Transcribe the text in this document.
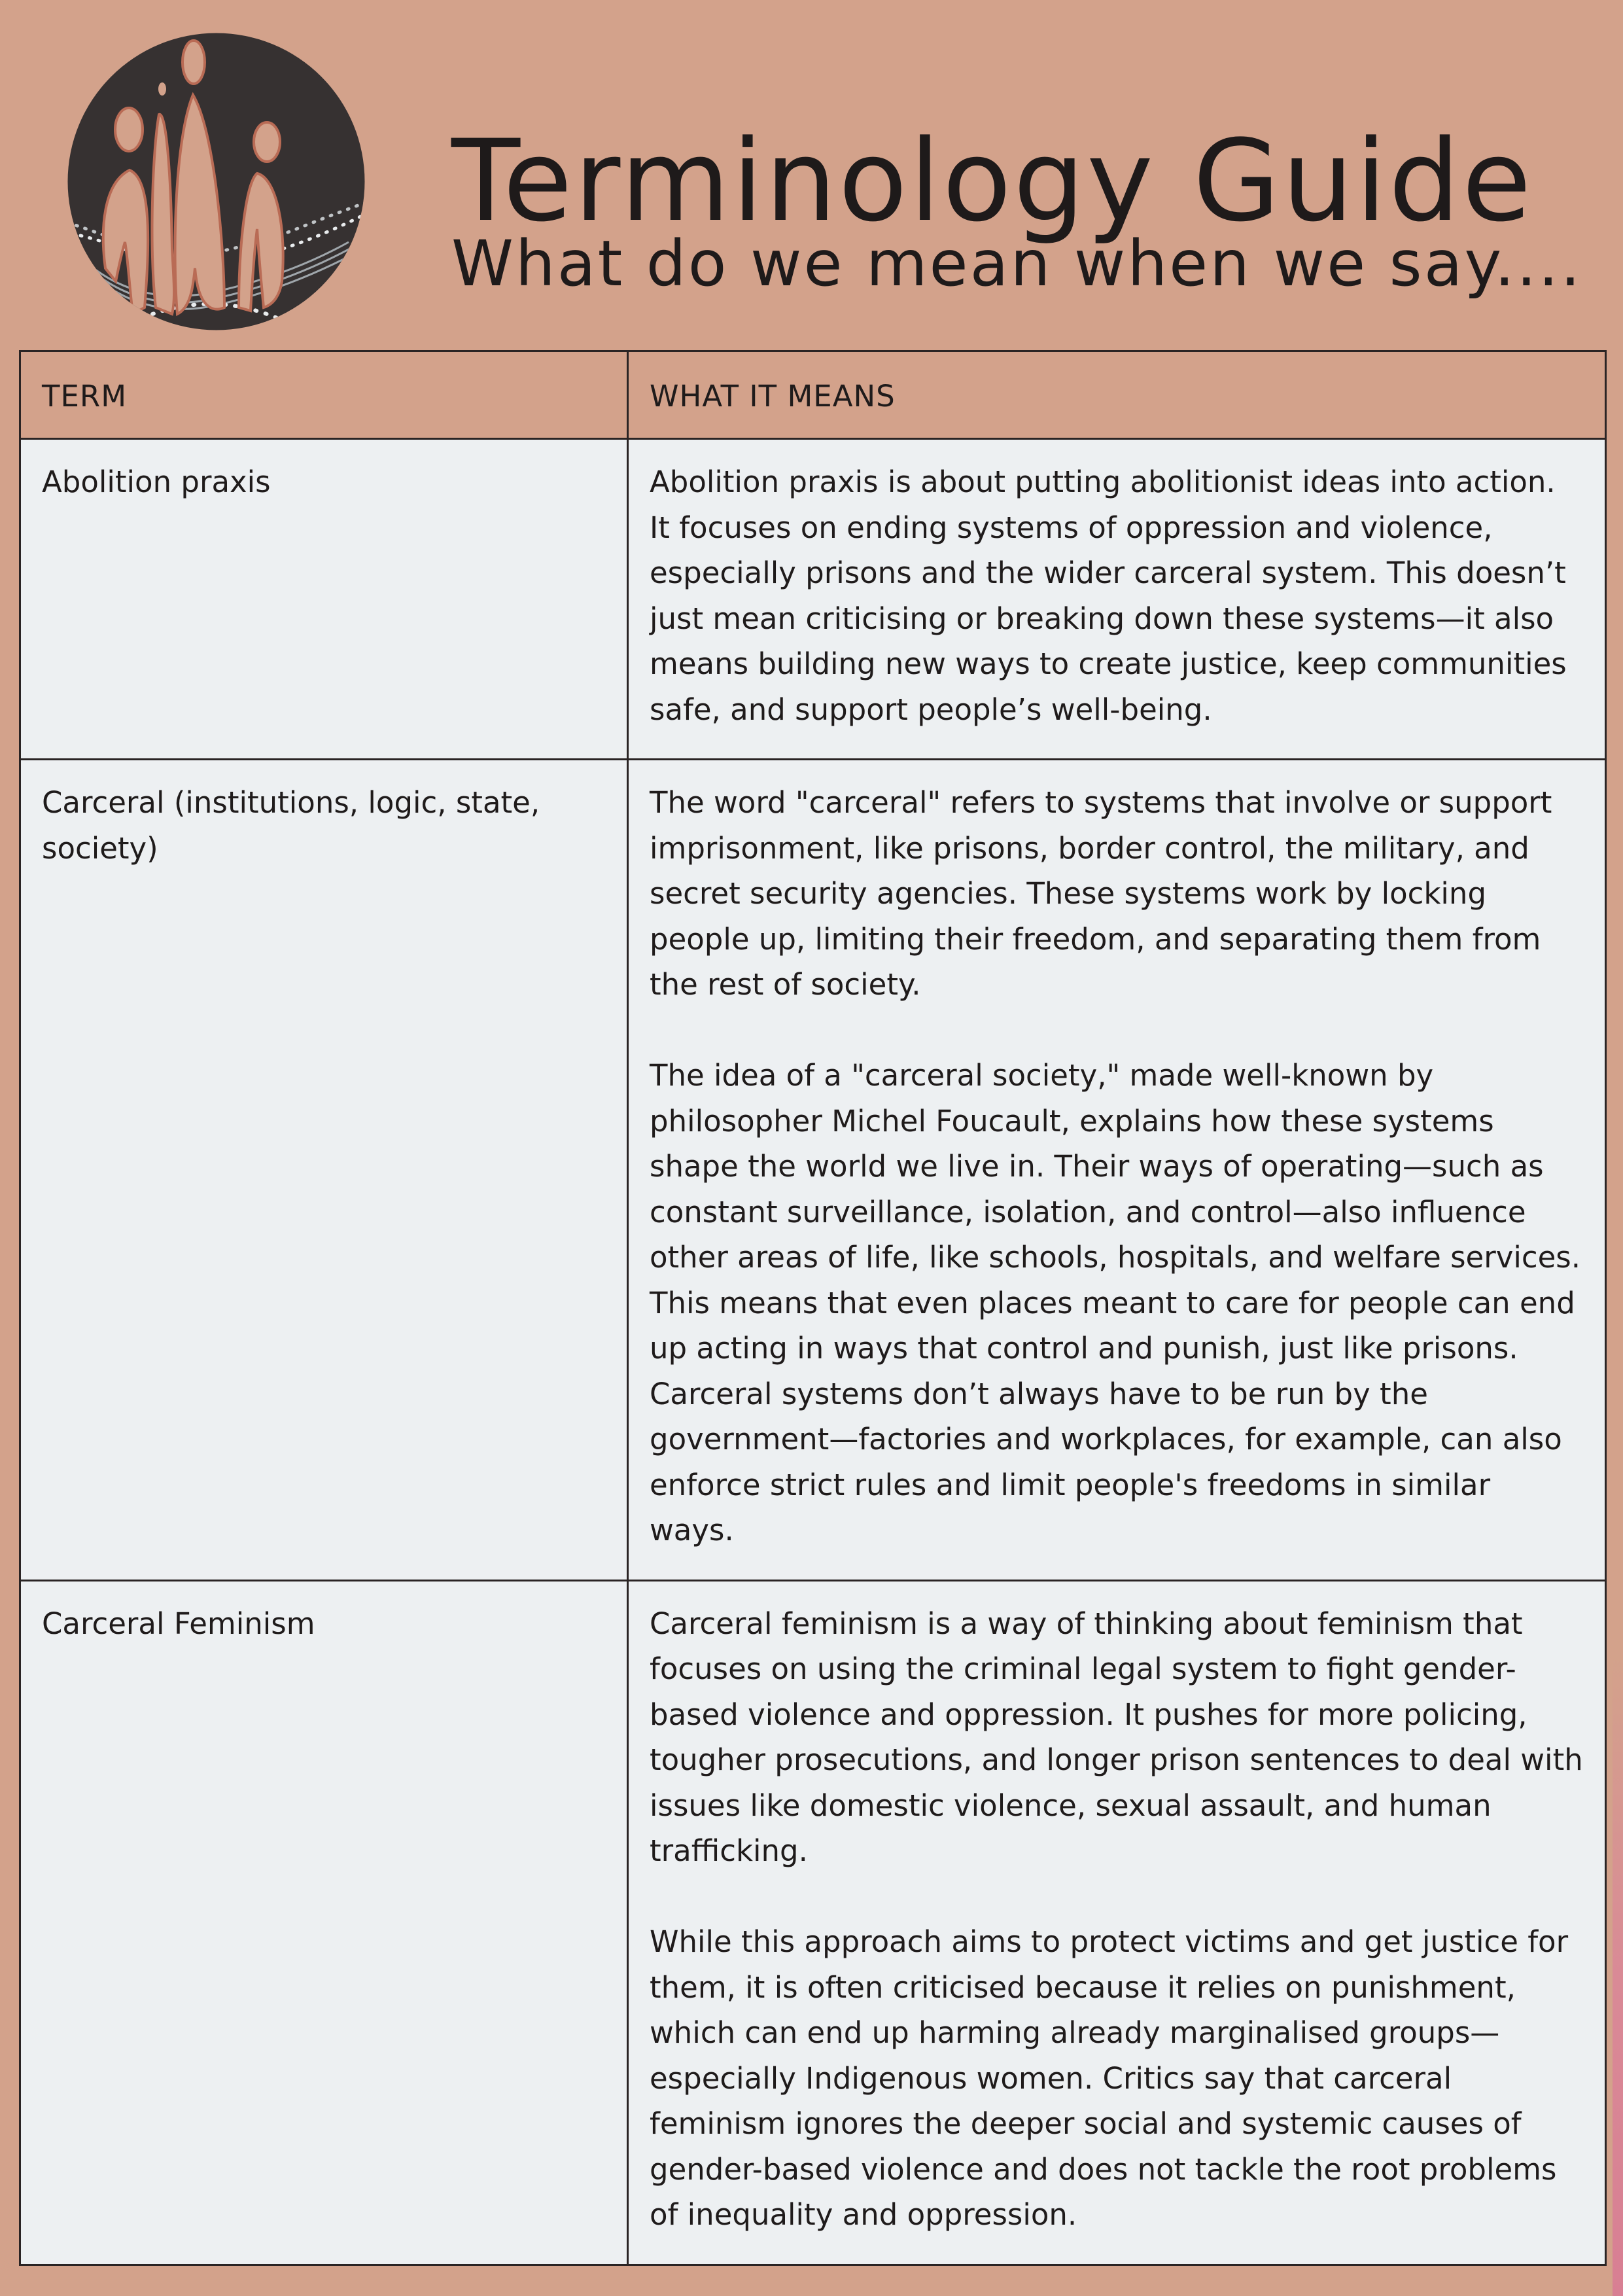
Terminology Guide
What do we mean when we say....
TERM	WHAT IT MEANS

Abolition praxis	Abolition praxis is about putting abolitionist ideas into action. It focuses on ending systems of oppression and violence, especially prisons and the wider carceral system. This doesn’t just mean criticising or breaking down these systems—it also means building new ways to create justice, keep communities safe, and support people’s well-being.

Carceral (institutions, logic, state, society)	The word "carceral" refers to systems that involve or support imprisonment, like prisons, border control, the military, and secret security agencies. These systems work by locking people up, limiting their freedom, and separating them from the rest of society.

The idea of a "carceral society," made well-known by philosopher Michel Foucault, explains how these systems shape the world we live in. Their ways of operating—such as constant surveillance, isolation, and control—also influence other areas of life, like schools, hospitals, and welfare services. This means that even places meant to care for people can end up acting in ways that control and punish, just like prisons. Carceral systems don’t always have to be run by the government—factories and workplaces, for example, can also enforce strict rules and limit people's freedoms in similar ways.

Carceral Feminism	Carceral feminism is a way of thinking about feminism that focuses on using the criminal legal system to fight gender-based violence and oppression. It pushes for more policing, tougher prosecutions, and longer prison sentences to deal with issues like domestic violence, sexual assault, and human trafficking.

While this approach aims to protect victims and get justice for them, it is often criticised because it relies on punishment, which can end up harming already marginalised groups—especially Indigenous women. Critics say that carceral feminism ignores the deeper social and systemic causes of gender-based violence and does not tackle the root problems of inequality and oppression.
